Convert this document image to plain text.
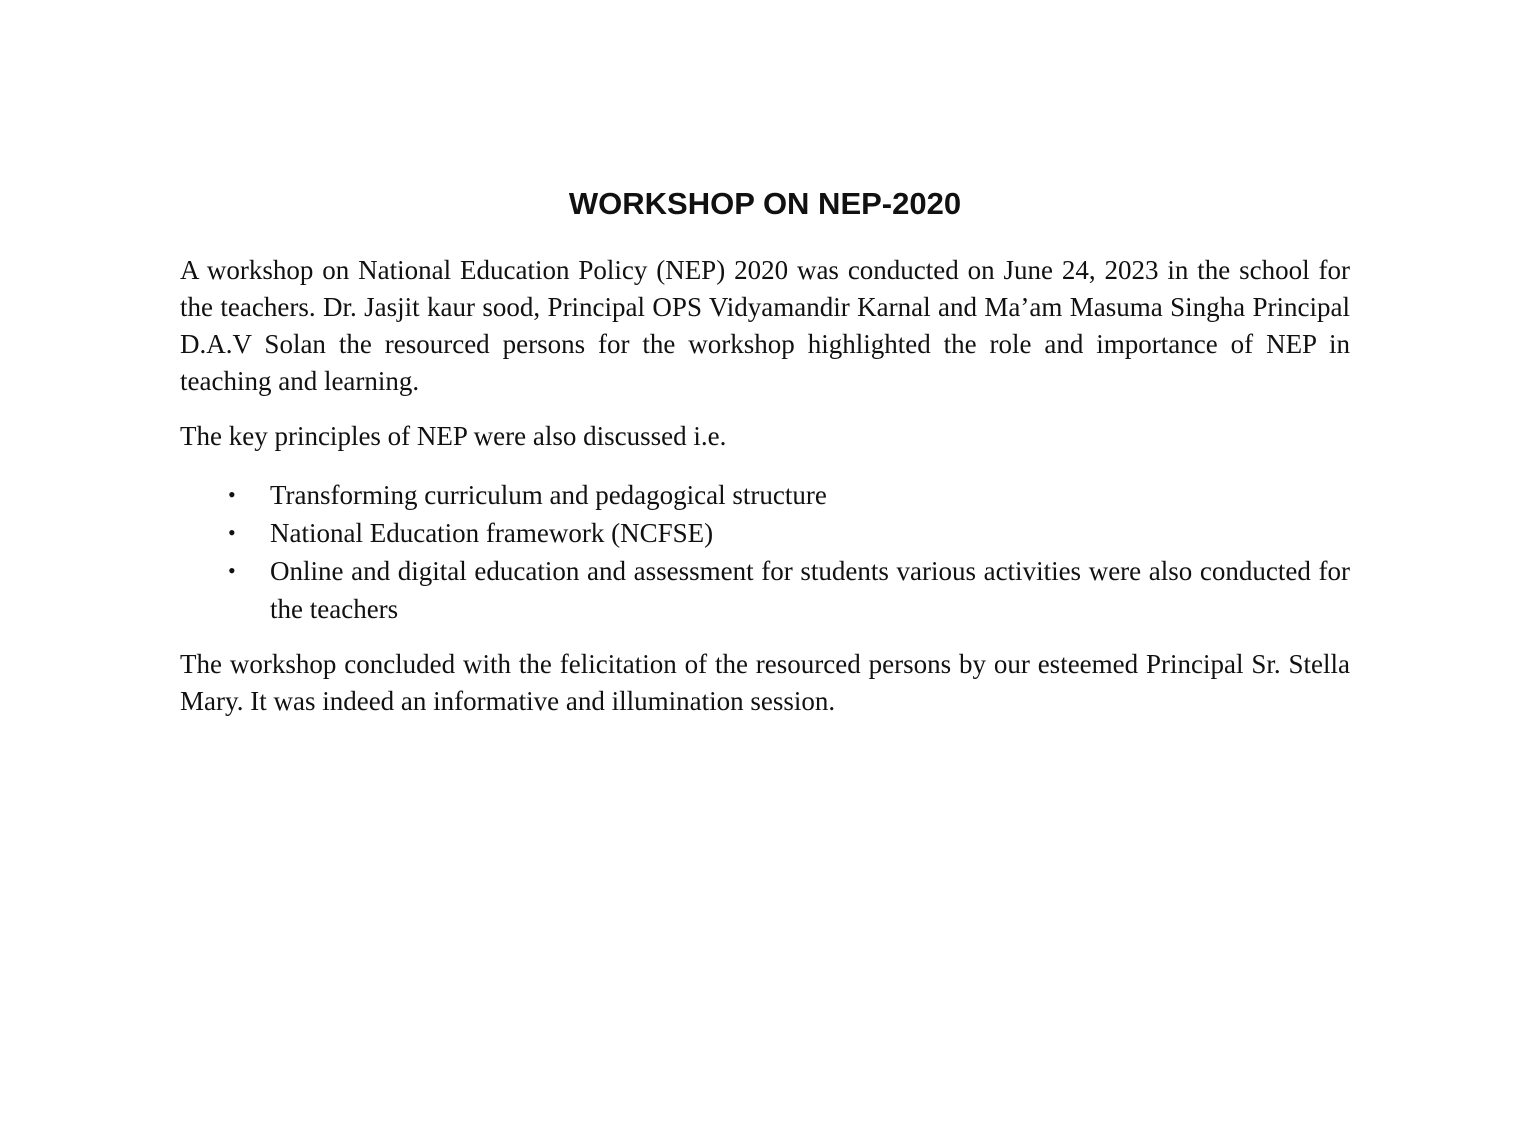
WORKSHOP ON NEP-2020

A workshop on National Education Policy (NEP) 2020 was conducted on June 24, 2023 in the school for the teachers. Dr. Jasjit kaur sood, Principal OPS Vidyamandir Karnal and Ma’am Masuma Singha Principal D.A.V Solan the resourced persons for the workshop highlighted the role and importance of NEP in teaching and learning.

The key principles of NEP were also discussed i.e.

• Transforming curriculum and pedagogical structure
• National Education framework (NCFSE)
• Online and digital education and assessment for students various activities were also conducted for the teachers

The workshop concluded with the felicitation of the resourced persons by our esteemed Principal Sr. Stella Mary. It was indeed an informative and illumination session.
